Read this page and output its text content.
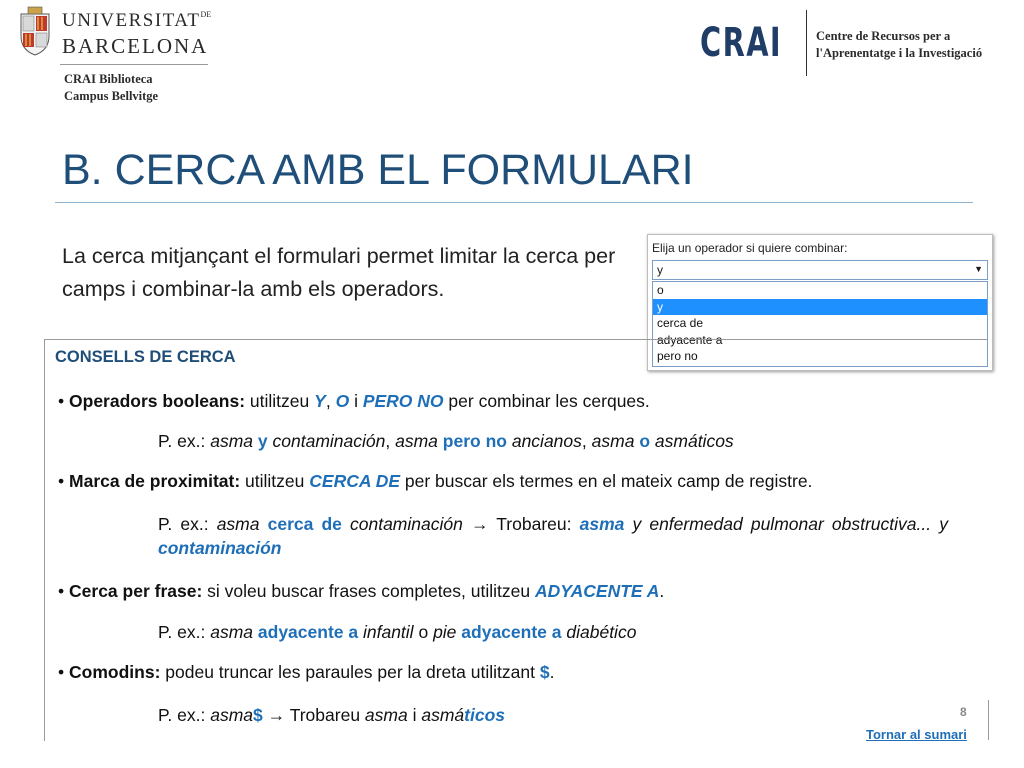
$UNIVERSITAT^{DE}$
BARCELONA
CRAI Biblioteca
Campus Bellvitge
CRAI	Centre de Recursos per a
l'Aprenentatge i la Investigació
B. CERCA AMB EL FORMULARI
La cerca mitjançant el formulari permet limitar la cerca per camps i combinar-la amb els operadors.
Elija un operador si quiere combinar:
y	▼
o
y
cerca de
adyacente a
pero no
CONSELLS DE CERCA
• Operadors booleans: utilitzeu Y, O i PERO NO per combinar les cerques.
P. ex.: asma y contaminación, asma pero no ancianos, asma o asmáticos
• Marca de proximitat: utilitzeu CERCA DE per buscar els termes en el mateix camp de registre.
P. ex.: asma cerca de contaminación → Trobareu: asma y enfermedad pulmonar obstructiva... y contaminación
• Cerca per frase: si voleu buscar frases completes, utilitzeu ADYACENTE A.
P. ex.: asma adyacente a infantil o pie adyacente a diabético
• Comodins: podeu truncar les paraules per la dreta utilitzant $.
P. ex.: asma$ → Trobareu asma i asmáticos	8
Tornar al sumari
